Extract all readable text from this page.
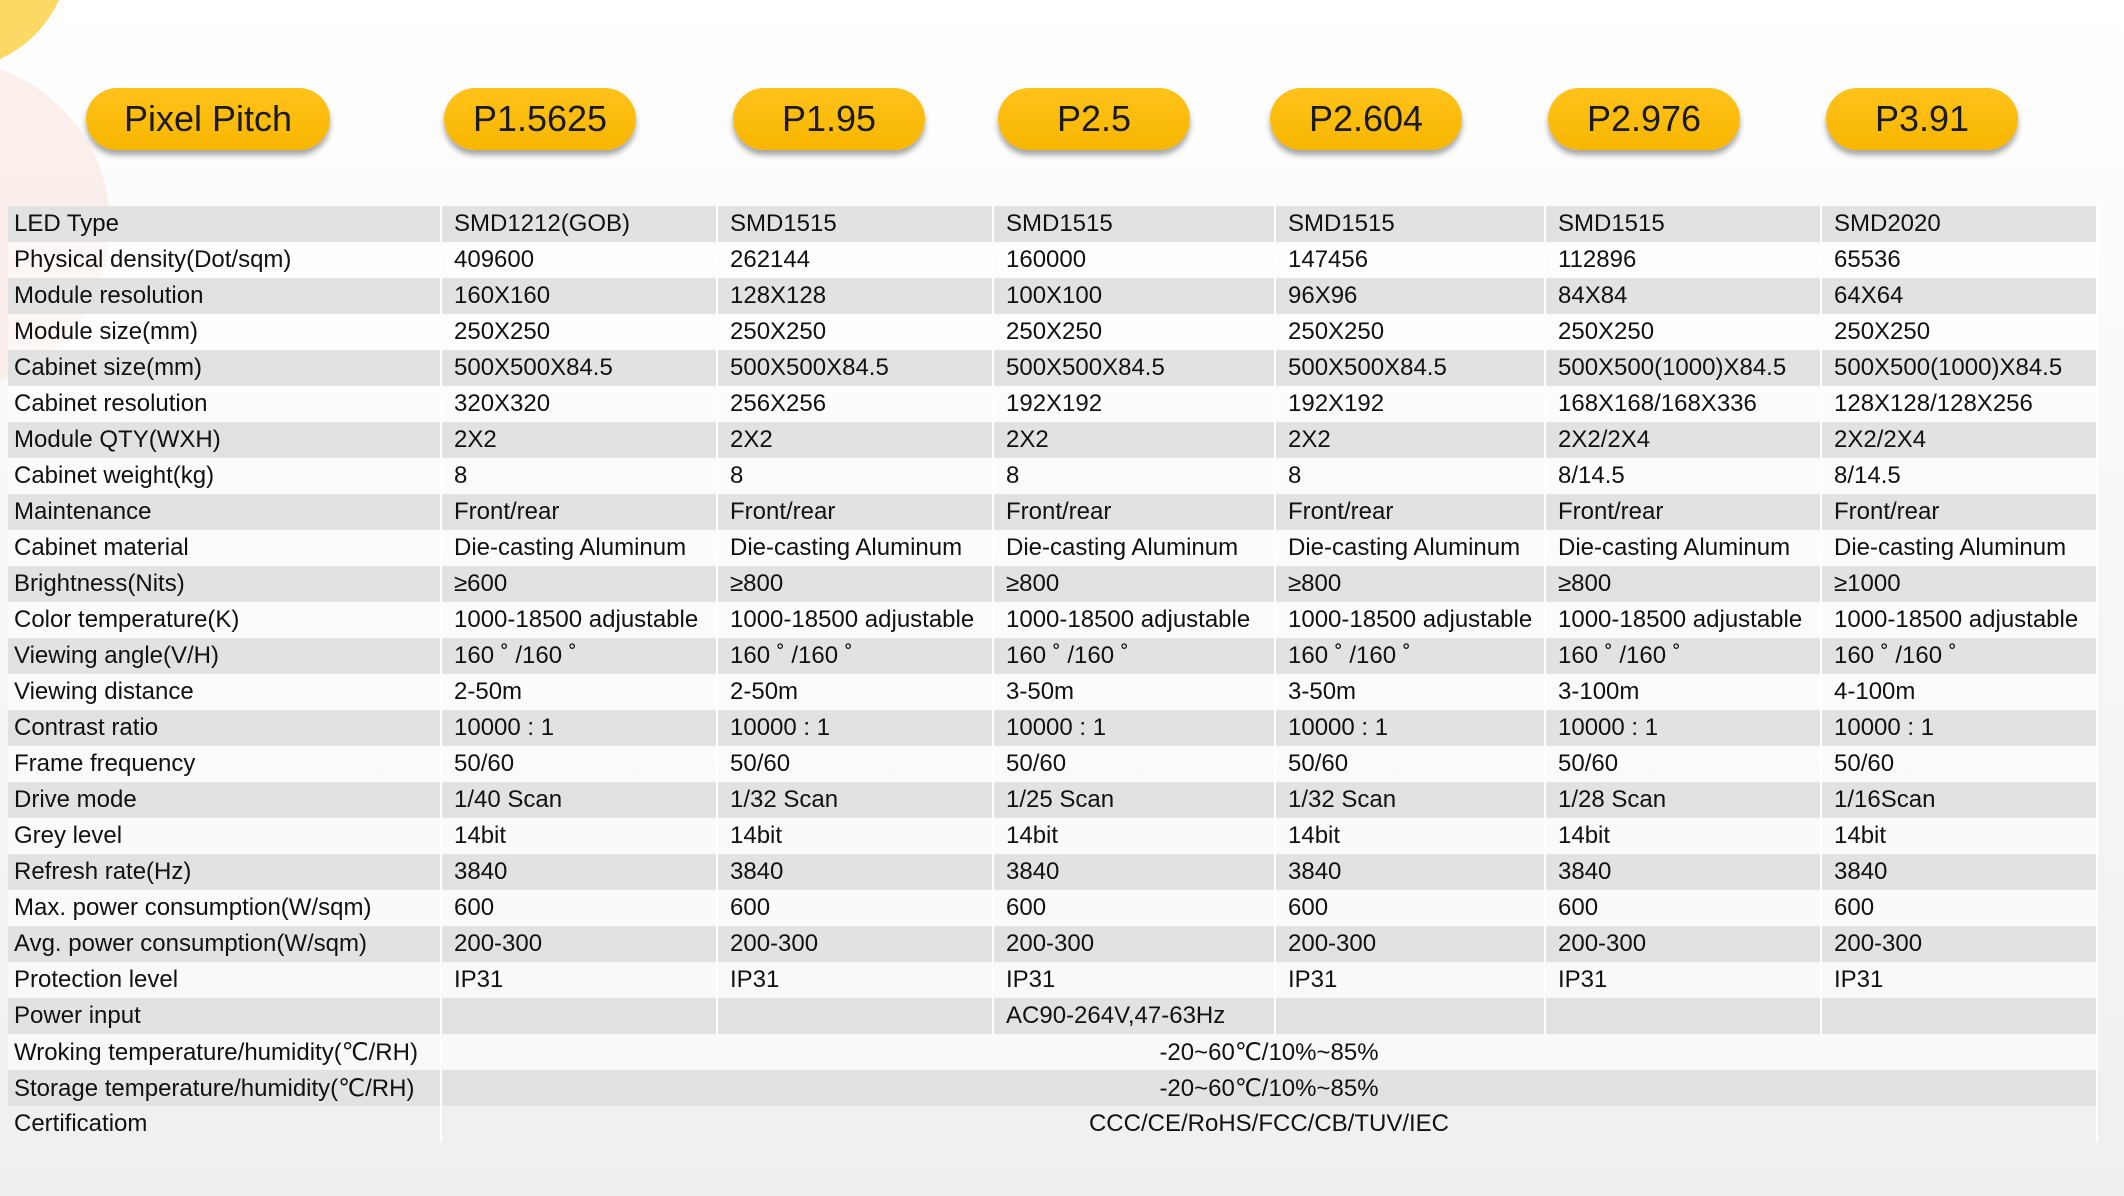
Pixel Pitch	P1.5625	P1.95	P2.5	P2.604	P2.976	P3.91
LED Type	SMD1212(GOB)	SMD1515	SMD1515	SMD1515	SMD1515	SMD2020
Physical density(Dot/sqm)	409600	262144	160000	147456	112896	65536
Module resolution	160X160	128X128	100X100	96X96	84X84	64X64
Module size(mm)	250X250	250X250	250X250	250X250	250X250	250X250
Cabinet size(mm)	500X500X84.5	500X500X84.5	500X500X84.5	500X500X84.5	500X500(1000)X84.5	500X500(1000)X84.5
Cabinet resolution	320X320	256X256	192X192	192X192	168X168/168X336	128X128/128X256
Module QTY(WXH)	2X2	2X2	2X2	2X2	2X2/2X4	2X2/2X4
Cabinet weight(kg)	8	8	8	8	8/14.5	8/14.5
Maintenance	Front/rear	Front/rear	Front/rear	Front/rear	Front/rear	Front/rear
Cabinet material	Die-casting Aluminum	Die-casting Aluminum	Die-casting Aluminum	Die-casting Aluminum	Die-casting Aluminum	Die-casting Aluminum
Brightness(Nits)	≥600	≥800	≥800	≥800	≥800	≥1000
Color temperature(K)	1000-18500 adjustable	1000-18500 adjustable	1000-18500 adjustable	1000-18500 adjustable	1000-18500 adjustable	1000-18500 adjustable
Viewing angle(V/H)	160 ˚ /160 ˚	160 ˚ /160 ˚	160 ˚ /160 ˚	160 ˚ /160 ˚	160 ˚ /160 ˚	160 ˚ /160 ˚
Viewing distance	2-50m	2-50m	3-50m	3-50m	3-100m	4-100m
Contrast ratio	10000 : 1	10000 : 1	10000 : 1	10000 : 1	10000 : 1	10000 : 1
Frame frequency	50/60	50/60	50/60	50/60	50/60	50/60
Drive mode	1/40 Scan	1/32 Scan	1/25 Scan	1/32 Scan	1/28 Scan	1/16Scan
Grey level	14bit	14bit	14bit	14bit	14bit	14bit
Refresh rate(Hz)	3840	3840	3840	3840	3840	3840
Max. power consumption(W/sqm)	600	600	600	600	600	600
Avg. power consumption(W/sqm)	200-300	200-300	200-300	200-300	200-300	200-300
Protection level	IP31	IP31	IP31	IP31	IP31	IP31
Power input			AC90-264V,47-63Hz			
Wroking temperature/humidity(℃/RH)	-20~60℃/10%~85%					
Storage temperature/humidity(℃/RH)	-20~60℃/10%~85%					
Certificatiom	CCC/CE/RoHS/FCC/CB/TUV/IEC					
